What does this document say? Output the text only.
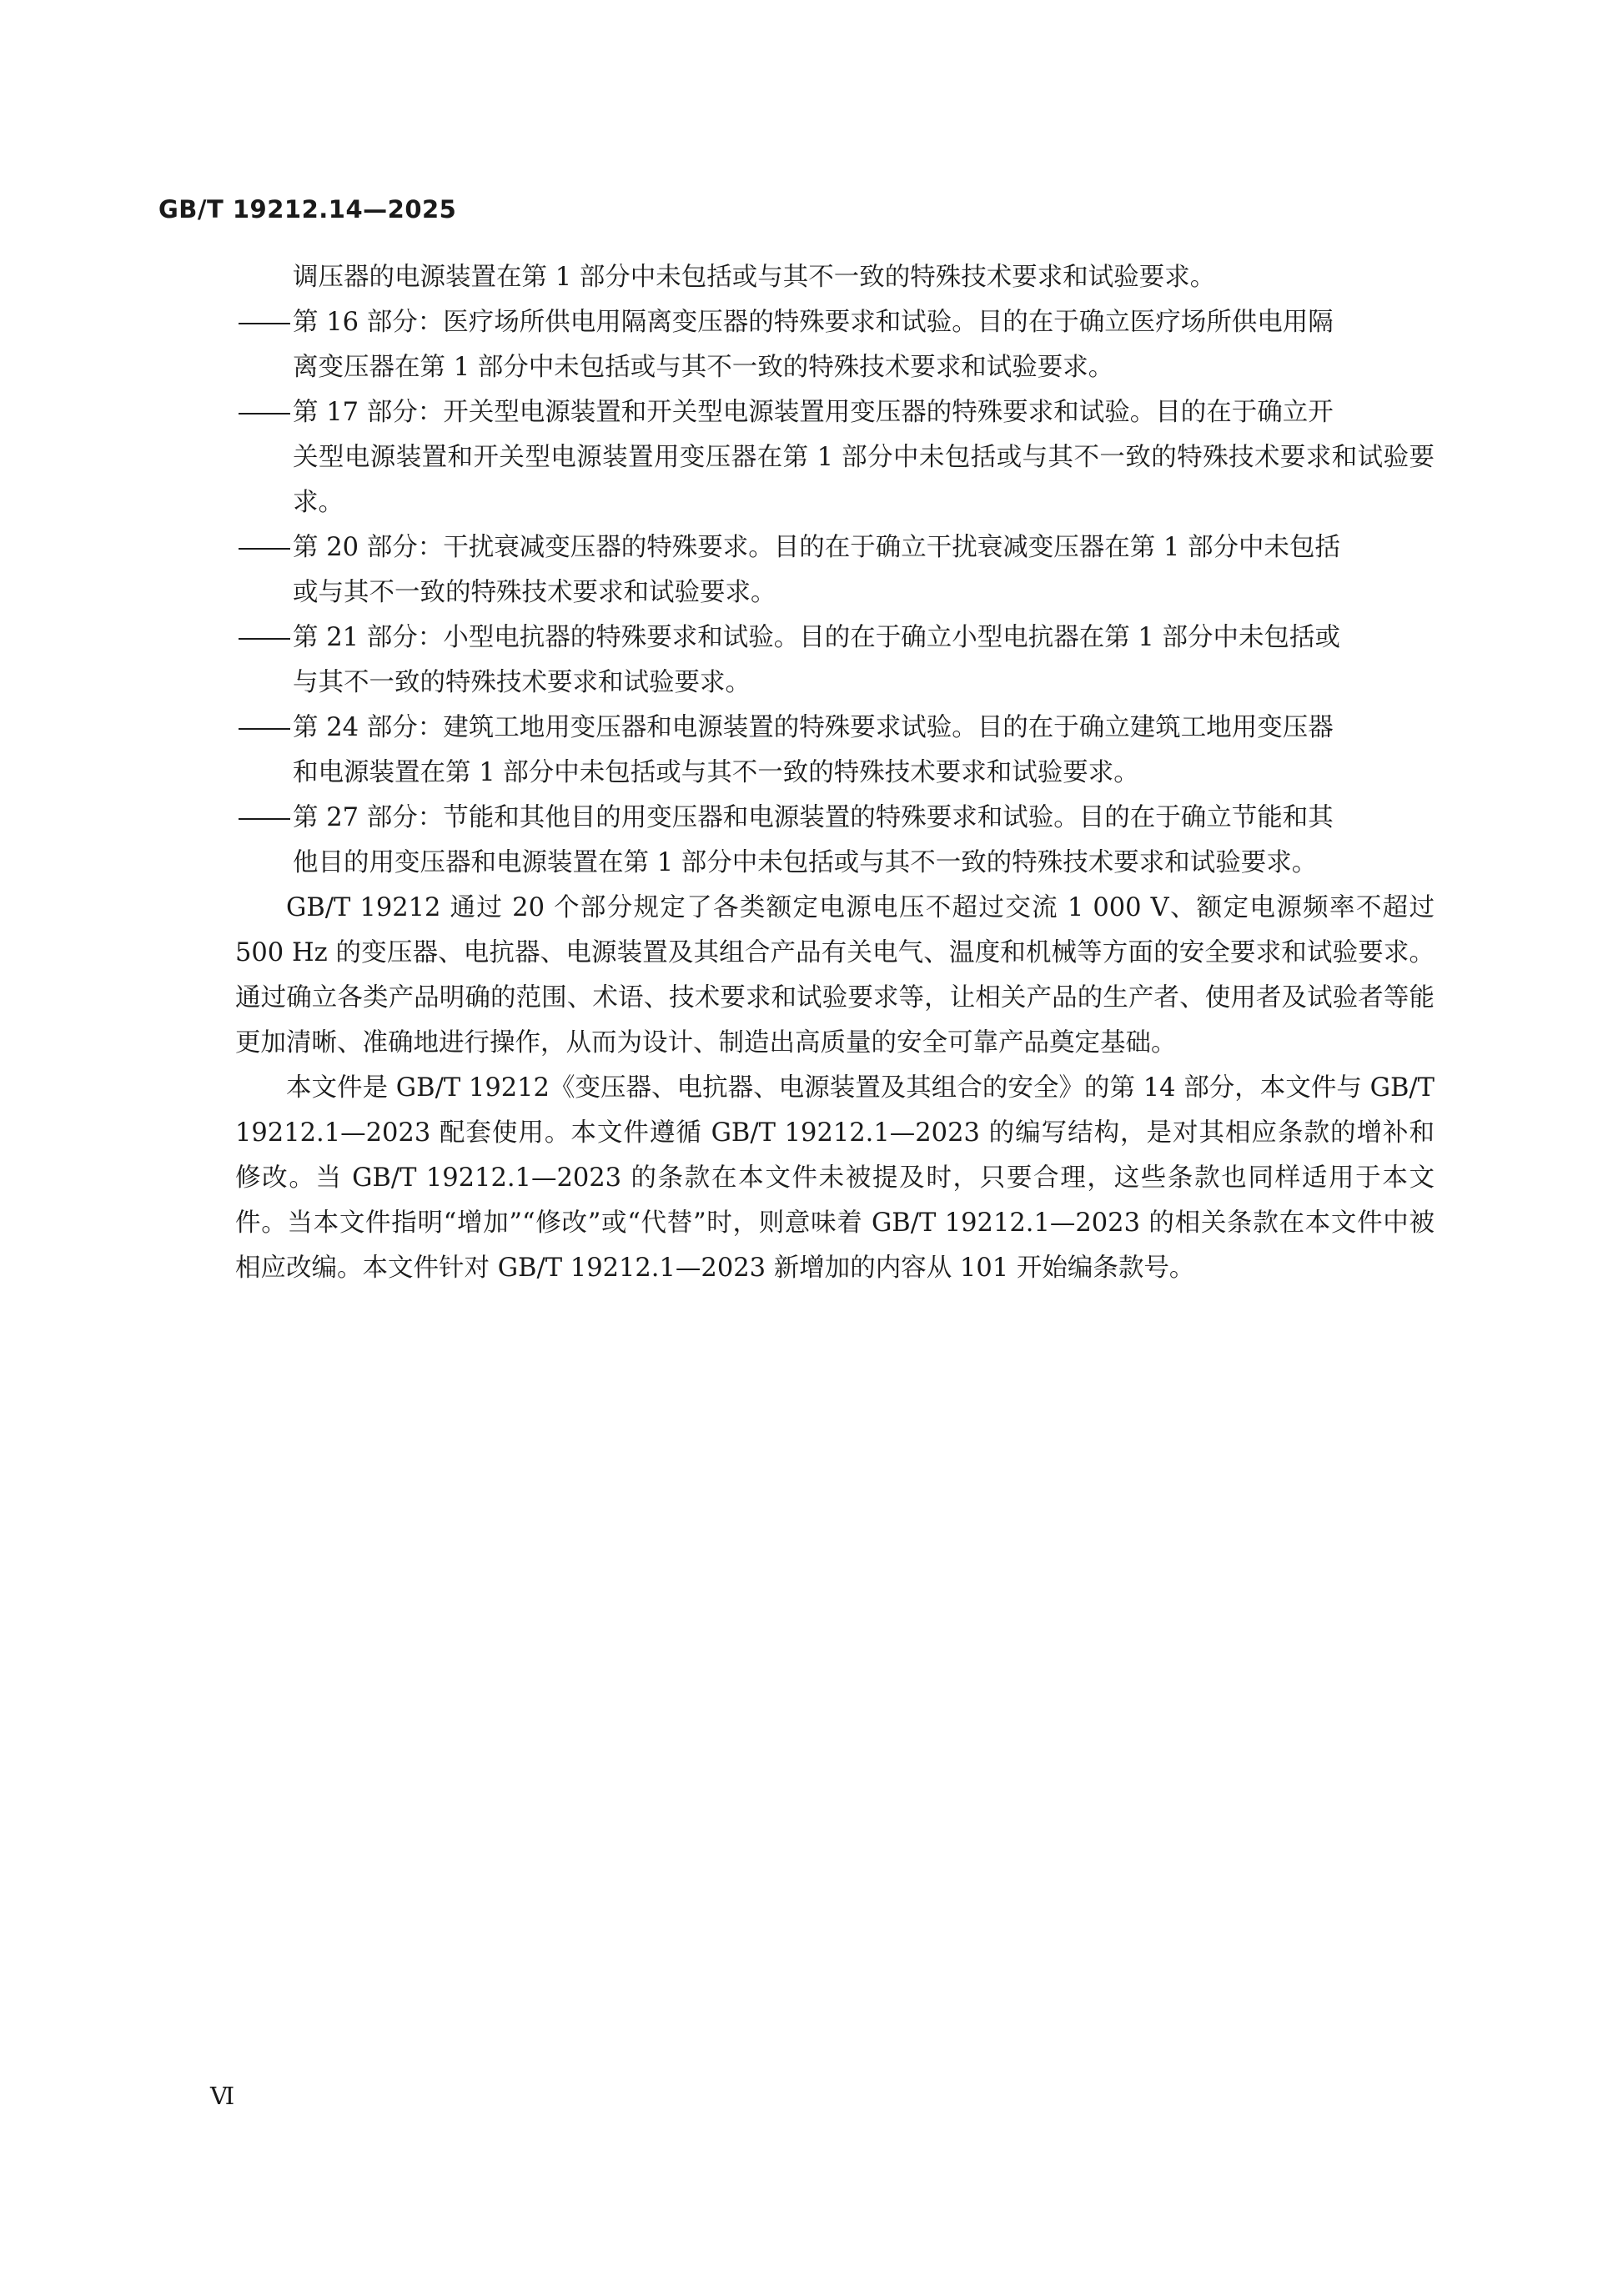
GB/T 19212.14—2025

调压器的电源装置在第 1 部分中未包括或与其不一致的特殊技术要求和试验要求。

第 16 部分：医疗场所供电用隔离变压器的特殊要求和试验。目的在于确立医疗场所供电用隔
离变压器在第 1 部分中未包括或与其不一致的特殊技术要求和试验要求。
第 17 部分：开关型电源装置和开关型电源装置用变压器的特殊要求和试验。目的在于确立开
关型电源装置和开关型电源装置用变压器在第 1 部分中未包括或与其不一致的特殊技术要求和试验要求。
第 20 部分：干扰衰减变压器的特殊要求。目的在于确立干扰衰减变压器在第 1 部分中未包括
或与其不一致的特殊技术要求和试验要求。
第 21 部分：小型电抗器的特殊要求和试验。目的在于确立小型电抗器在第 1 部分中未包括或
与其不一致的特殊技术要求和试验要求。
第 24 部分：建筑工地用变压器和电源装置的特殊要求试验。目的在于确立建筑工地用变压器
和电源装置在第 1 部分中未包括或与其不一致的特殊技术要求和试验要求。
第 27 部分：节能和其他目的用变压器和电源装置的特殊要求和试验。目的在于确立节能和其
他目的用变压器和电源装置在第 1 部分中未包括或与其不一致的特殊技术要求和试验要求。

GB/T 19212 通过 20 个部分规定了各类额定电源电压不超过交流 1 000 V、额定电源频率不超过 500 Hz 的变压器、电抗器、电源装置及其组合产品有关电气、温度和机械等方面的安全要求和试验要求。通过确立各类产品明确的范围、术语、技术要求和试验要求等，让相关产品的生产者、使用者及试验者等能更加清晰、准确地进行操作，从而为设计、制造出高质量的安全可靠产品奠定基础。

本文件是 GB/T 19212《变压器、电抗器、电源装置及其组合的安全》的第 14 部分，本文件与 GB/T 19212.1—2023 配套使用。本文件遵循 GB/T 19212.1—2023 的编写结构，是对其相应条款的增补和修改。当 GB/T 19212.1—2023 的条款在本文件未被提及时，只要合理，这些条款也同样适用于本文件。当本文件指明“增加”“修改”或“代替”时，则意味着 GB/T 19212.1—2023 的相关条款在本文件中被相应改编。本文件针对 GB/T 19212.1—2023 新增加的内容从 101 开始编条款号。

Ⅵ
